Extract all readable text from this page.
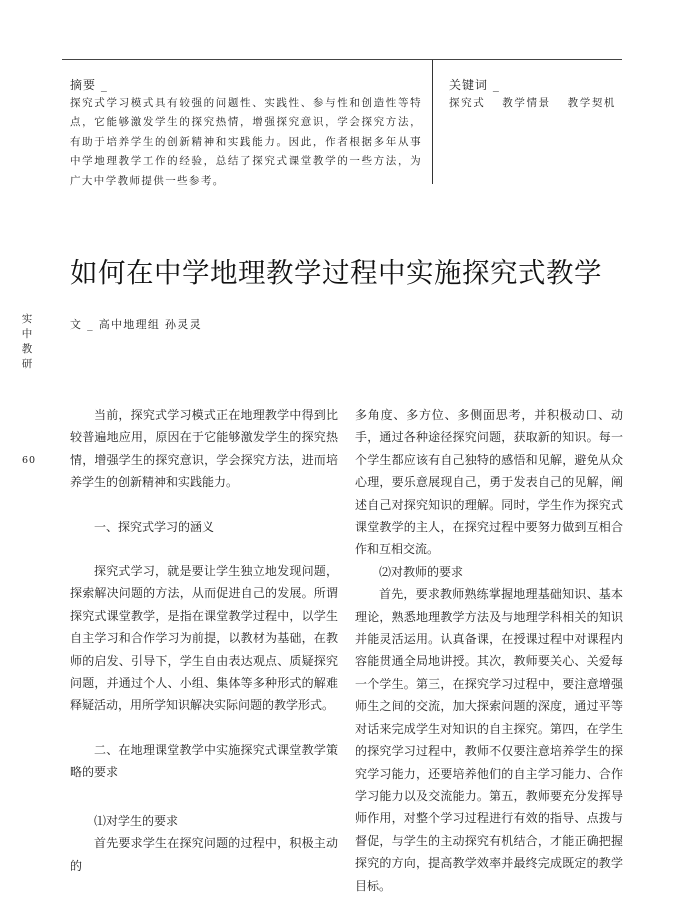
摘要 _
探究式学习模式具有较强的问题性、实践性、参与性和创造性等特点，它能够激发学生的探究热情，增强探究意识，学会探究方法，有助于培养学生的创新精神和实践能力。因此，作者根据多年从事中学地理教学工作的经验，总结了探究式课堂教学的一些方法，为广大中学教师提供一些参考。
关键词 _
探究式 教学情景 教学契机
如何在中学地理教学过程中实施探究式教学
实
中
教
研
60
文 _ 高中地理组 孙灵灵

当前，探究式学习模式正在地理教学中得到比较普遍地应用，原因在于它能够激发学生的探究热情，增强学生的探究意识，学会探究方法，进而培养学生的创新精神和实践能力。

一、探究式学习的涵义

探究式学习，就是要让学生独立地发现问题，探索解决问题的方法，从而促进自己的发展。所谓探究式课堂教学，是指在课堂教学过程中，以学生自主学习和合作学习为前提，以教材为基础，在教师的启发、引导下，学生自由表达观点、质疑探究问题，并通过个人、小组、集体等多种形式的解难释疑活动，用所学知识解决实际问题的教学形式。

二、在地理课堂教学中实施探究式课堂教学策略的要求

⑴对学生的要求

首先要求学生在探究问题的过程中，积极主动的

多角度、多方位、多侧面思考，并积极动口、动手，通过各种途径探究问题，获取新的知识。每一个学生都应该有自己独特的感悟和见解，避免从众心理，要乐意展现自己，勇于发表自己的见解，阐述自己对探究知识的理解。同时，学生作为探究式课堂教学的主人，在探究过程中要努力做到互相合作和互相交流。

⑵对教师的要求

首先，要求教师熟练掌握地理基础知识、基本理论，熟悉地理教学方法及与地理学科相关的知识并能灵活运用。认真备课，在授课过程中对课程内容能贯通全局地讲授。其次，教师要关心、关爱每一个学生。第三，在探究学习过程中，要注意增强师生之间的交流，加大探索问题的深度，通过平等对话来完成学生对知识的自主探究。第四，在学生的探究学习过程中，教师不仅要注意培养学生的探究学习能力，还要培养他们的自主学习能力、合作学习能力以及交流能力。第五，教师要充分发挥导师作用，对整个学习过程进行有效的指导、点拨与督促，与学生的主动探究有机结合，才能正确把握探究的方向，提高教学效率并最终完成既定的教学目标。
